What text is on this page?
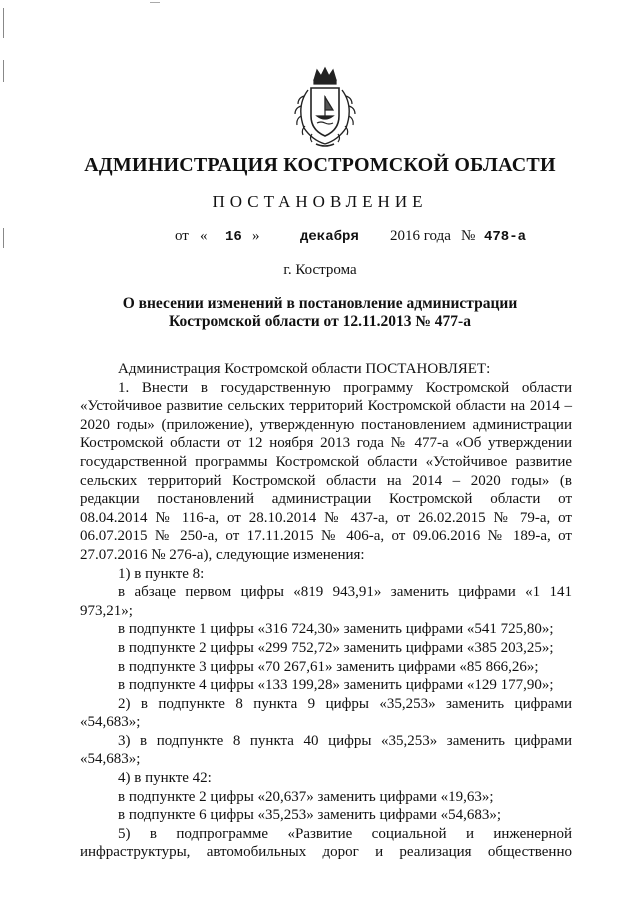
АДМИНИСТРАЦИЯ КОСТРОМСКОЙ ОБЛАСТИ
ПОСТАНОВЛЕНИЕ
от « 16 »	декабря 2016 года № 478-а
г. Кострома
О внесении изменений в постановление администрации
Костромской области от 12.11.2013 № 477-а

Администрация Костромской области ПОСТАНОВЛЯЕТ:

1. Внести в государственную программу Костромской области «Устойчивое развитие сельских территорий Костромской области на 2014 – 2020 годы» (приложение), утвержденную постановлением администрации Костромской области от 12 ноября 2013 года № 477-а «Об утверждении государственной программы Костромской области «Устойчивое развитие сельских территорий Костромской области на 2014 – 2020 годы» (в редакции постановлений администрации Костромской области от 08.04.2014 № 116-а, от 28.10.2014 № 437-а, от 26.02.2015 № 79-а, от 06.07.2015 № 250-а, от 17.11.2015 № 406-а, от 09.06.2016 № 189-а, от 27.07.2016 № 276-а), следующие изменения:

1) в пункте 8:

в абзаце первом цифры «819 943,91» заменить цифрами «1 141 973,21»;

в подпункте 1 цифры «316 724,30» заменить цифрами «541 725,80»;

в подпункте 2 цифры «299 752,72» заменить цифрами «385 203,25»;

в подпункте 3 цифры «70 267,61» заменить цифрами «85 866,26»;

в подпункте 4 цифры «133 199,28» заменить цифрами «129 177,90»;

2) в подпункте 8 пункта 9 цифры «35,253» заменить цифрами «54,683»;

3) в подпункте 8 пункта 40 цифры «35,253» заменить цифрами «54,683»;

4) в пункте 42:

в подпункте 2 цифры «20,637» заменить цифрами «19,63»;

в подпункте 6 цифры «35,253» заменить цифрами «54,683»;

5) в подпрограмме «Развитие социальной и инженерной

инфраструктуры, автомобильных дорог и реализация общественно
